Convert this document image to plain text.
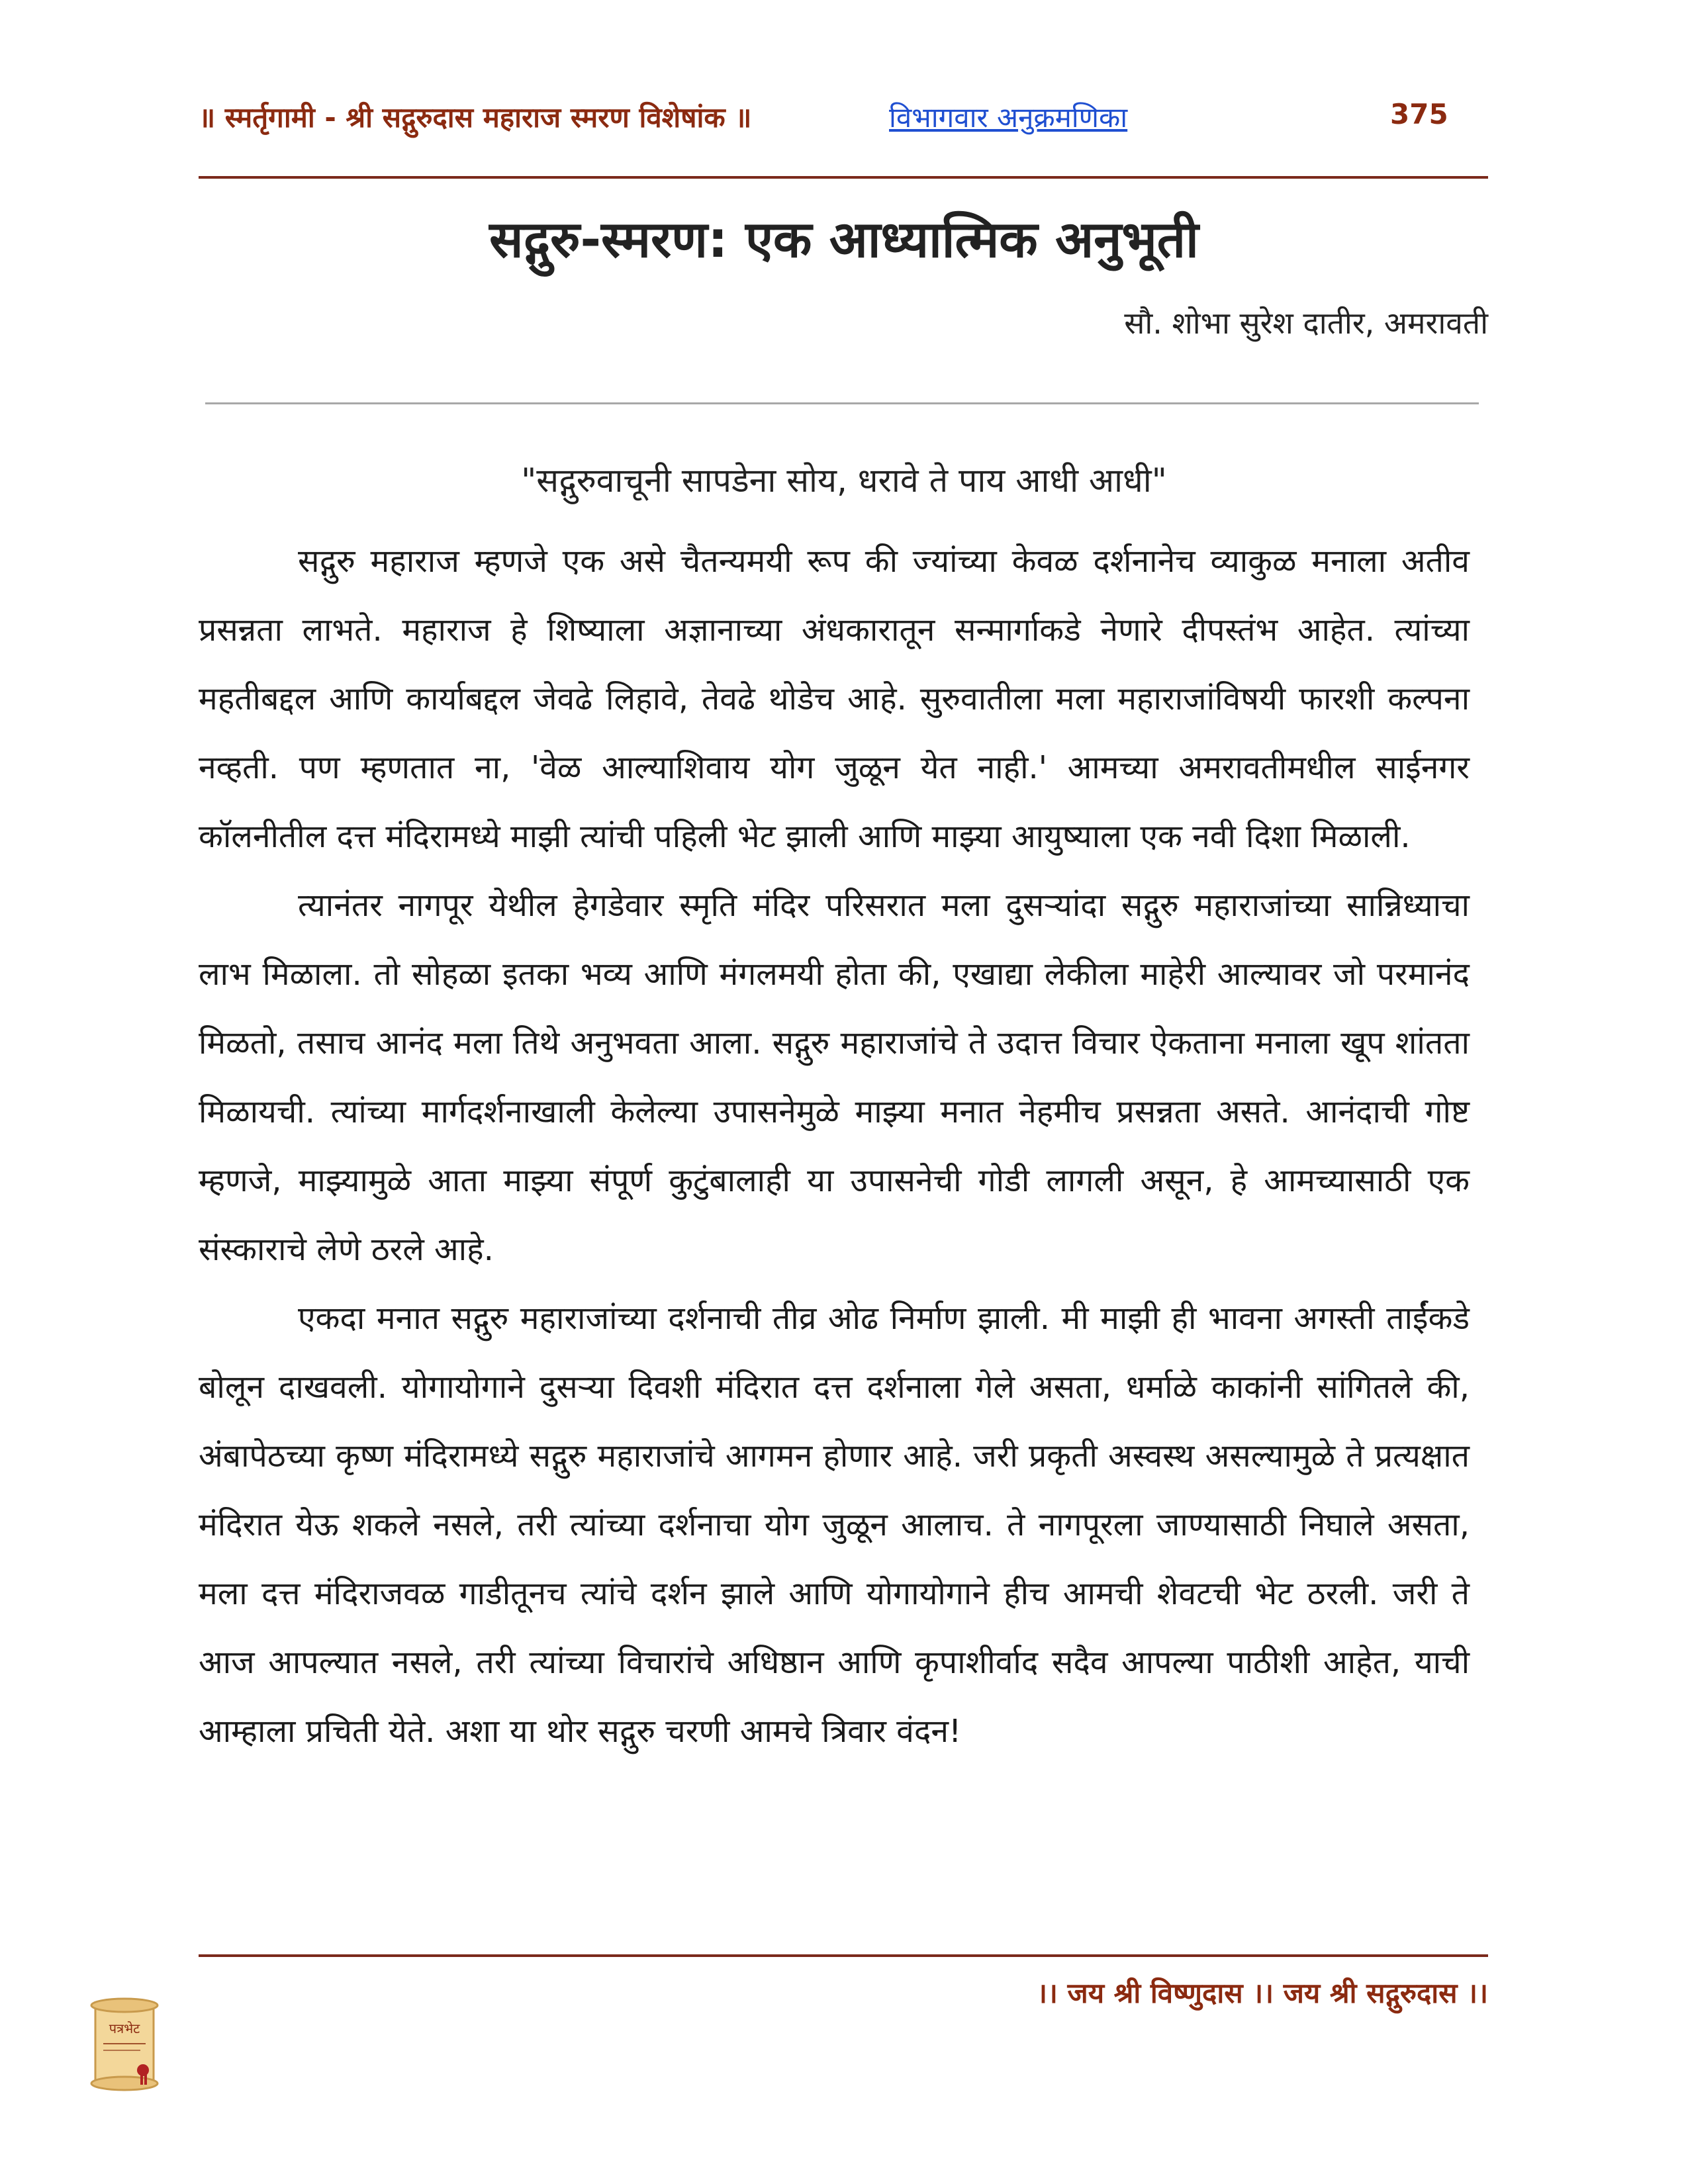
॥ स्मर्तृगामी - श्री सद्गुरुदास महाराज स्मरण विशेषांक ॥	विभागवार अनुक्रमणिका	375
सद्गुरु-स्मरण: एक आध्यात्मिक अनुभूती
सौ. शोभा सुरेश दातीर, अमरावती
"सद्गुरुवाचूनी सापडेना सोय, धरावे ते पाय आधी आधी"

सद्गुरु महाराज म्हणजे एक असे चैतन्यमयी रूप की ज्यांच्या केवळ दर्शनानेच व्याकुळ मनाला अतीव प्रसन्नता लाभते. महाराज हे शिष्याला अज्ञानाच्या अंधकारातून सन्मार्गाकडे नेणारे दीपस्तंभ आहेत. त्यांच्या महतीबद्दल आणि कार्याबद्दल जेवढे लिहावे, तेवढे थोडेच आहे. सुरुवातीला मला महाराजांविषयी फारशी कल्पना नव्हती. पण म्हणतात ना, 'वेळ आल्याशिवाय योग जुळून येत नाही.' आमच्या अमरावतीमधील साईनगर कॉलनीतील दत्त मंदिरामध्ये माझी त्यांची पहिली भेट झाली आणि माझ्या आयुष्याला एक नवी दिशा मिळाली.

त्यानंतर नागपूर येथील हेगडेवार स्मृति मंदिर परिसरात मला दुसऱ्यांदा सद्गुरु महाराजांच्या सान्निध्याचा लाभ मिळाला. तो सोहळा इतका भव्य आणि मंगलमयी होता की, एखाद्या लेकीला माहेरी आल्यावर जो परमानंद मिळतो, तसाच आनंद मला तिथे अनुभवता आला. सद्गुरु महाराजांचे ते उदात्त विचार ऐकताना मनाला खूप शांतता मिळायची. त्यांच्या मार्गदर्शनाखाली केलेल्या उपासनेमुळे माझ्या मनात नेहमीच प्रसन्नता असते. आनंदाची गोष्ट म्हणजे, माझ्यामुळे आता माझ्या संपूर्ण कुटुंबालाही या उपासनेची गोडी लागली असून, हे आमच्यासाठी एक संस्काराचे लेणे ठरले आहे.

एकदा मनात सद्गुरु महाराजांच्या दर्शनाची तीव्र ओढ निर्माण झाली. मी माझी ही भावना अगस्ती ताईंकडे बोलून दाखवली. योगायोगाने दुसऱ्या दिवशी मंदिरात दत्त दर्शनाला गेले असता, धर्माळे काकांनी सांगितले की, अंबापेठच्या कृष्ण मंदिरामध्ये सद्गुरु महाराजांचे आगमन होणार आहे. जरी प्रकृती अस्वस्थ असल्यामुळे ते प्रत्यक्षात मंदिरात येऊ शकले नसले, तरी त्यांच्या दर्शनाचा योग जुळून आलाच. ते नागपूरला जाण्यासाठी निघाले असता, मला दत्त मंदिराजवळ गाडीतूनच त्यांचे दर्शन झाले आणि योगायोगाने हीच आमची शेवटची भेट ठरली. जरी ते आज आपल्यात नसले, तरी त्यांच्या विचारांचे अधिष्ठान आणि कृपाशीर्वाद सदैव आपल्या पाठीशी आहेत, याची आम्हाला प्रचिती येते. अशा या थोर सद्गुरु चरणी आमचे त्रिवार वंदन!

।। जय श्री विष्णुदास ।। जय श्री सद्गुरुदास ।।
पत्रभेट
